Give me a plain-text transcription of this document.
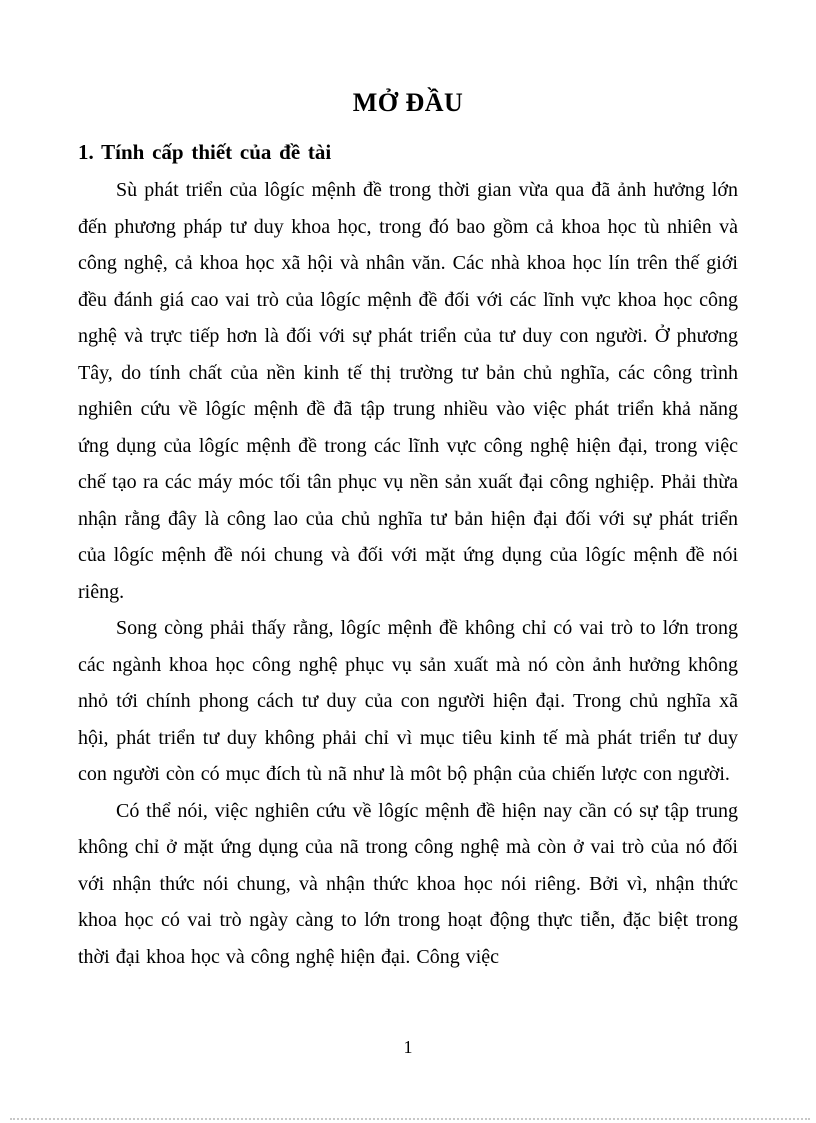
MỞ ĐẦU
1. Tính cấp thiết của đề tài

Sù phát triển của lôgíc mệnh đề trong thời gian vừa qua đã ảnh hưởng lớn đến phương pháp tư duy khoa học, trong đó bao gồm cả khoa học tù nhiên và công nghệ, cả khoa học xã hội và nhân văn. Các nhà khoa học lín trên thế giới đều đánh giá cao vai trò của lôgíc mệnh đề đối với các lĩnh vực khoa học công nghệ và trực tiếp hơn là đối với sự phát triển của tư duy con người. Ở phương Tây, do tính chất của nền kinh tế thị trường tư bản chủ nghĩa, các công trình nghiên cứu về lôgíc mệnh đề đã tập trung nhiều vào việc phát triển khả năng ứng dụng của lôgíc mệnh đề trong các lĩnh vực công nghệ hiện đại, trong việc chế tạo ra các máy móc tối tân phục vụ nền sản xuất đại công nghiệp. Phải thừa nhận rằng đây là công lao của chủ nghĩa tư bản hiện đại đối với sự phát triển của lôgíc mệnh đề nói chung và đối với mặt ứng dụng của lôgíc mệnh đề nói riêng.

Song còng phải thấy rằng, lôgíc mệnh đề không chỉ có vai trò to lớn trong các ngành khoa học công nghệ phục vụ sản xuất mà nó còn ảnh hưởng không nhỏ tới chính phong cách tư duy của con người hiện đại. Trong chủ nghĩa xã hội, phát triển tư duy không phải chỉ vì mục tiêu kinh tế mà phát triển tư duy con người còn có mục đích tù nã như là môt bộ phận của chiến lược con người.

Có thể nói, việc nghiên cứu về lôgíc mệnh đề hiện nay cần có sự tập trung không chỉ ở mặt ứng dụng của nã trong công nghệ mà còn ở vai trò của nó đối với nhận thức nói chung, và nhận thức khoa học nói riêng. Bởi vì, nhận thức khoa học có vai trò ngày càng to lớn trong hoạt động thực tiễn, đặc biệt trong thời đại khoa học và công nghệ hiện đại. Công việc

1
